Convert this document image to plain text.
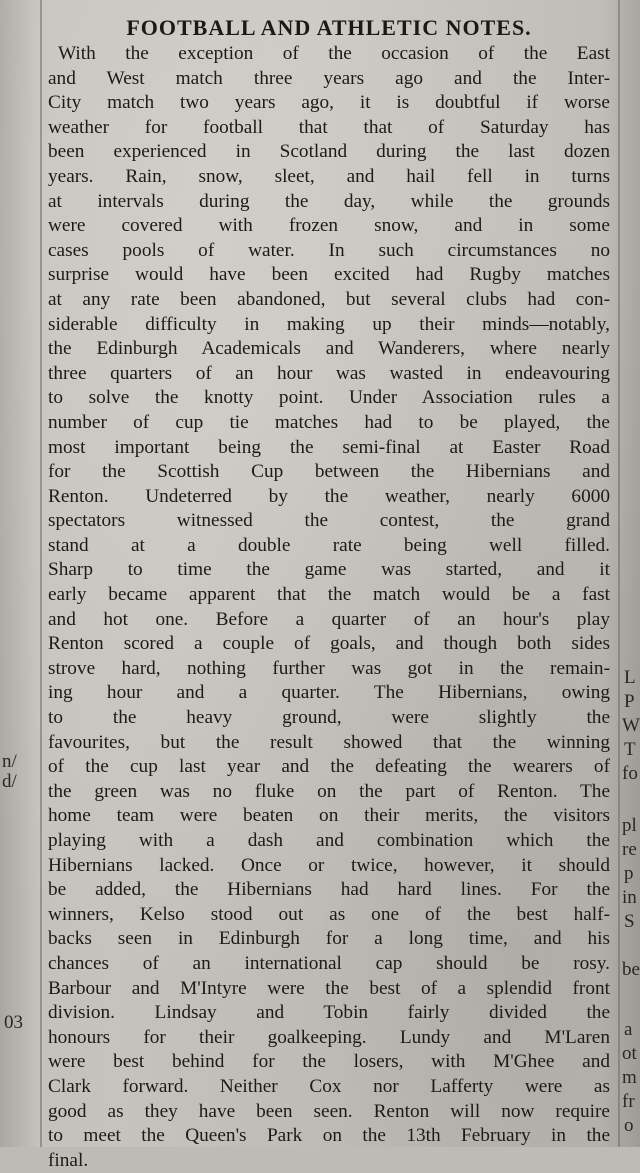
n/
d/
03
L
P
W
T
fo
pl
re
p
in
S
be
a
ot
m
fr
o
FOOTBALL AND ATHLETIC NOTES.

With the exception of the occasion of the East
and West match three years ago and the Inter-
City match two years ago, it is doubtful if worse
weather for football that that of Saturday has
been experienced in Scotland during the last dozen
years. Rain, snow, sleet, and hail fell in turns
at intervals during the day, while the grounds
were covered with frozen snow, and in some
cases pools of water. In such circumstances no
surprise would have been excited had Rugby matches
at any rate been abandoned, but several clubs had con-
siderable difficulty in making up their minds—notably,
the Edinburgh Academicals and Wanderers, where nearly
three quarters of an hour was wasted in endeavouring
to solve the knotty point. Under Association rules a
number of cup tie matches had to be played, the
most important being the semi-final at Easter Road
for the Scottish Cup between the Hibernians and
Renton. Undeterred by the weather, nearly 6000
spectators witnessed the contest, the grand
stand at a double rate being well filled.
Sharp to time the game was started, and it
early became apparent that the match would be a fast
and hot one. Before a quarter of an hour's play
Renton scored a couple of goals, and though both sides
strove hard, nothing further was got in the remain-
ing hour and a quarter. The Hibernians, owing
to the heavy ground, were slightly the
favourites, but the result showed that the winning
of the cup last year and the defeating the wearers of
the green was no fluke on the part of Renton. The
home team were beaten on their merits, the visitors
playing with a dash and combination which the
Hibernians lacked. Once or twice, however, it should
be added, the Hibernians had hard lines. For the
winners, Kelso stood out as one of the best half-
backs seen in Edinburgh for a long time, and his
chances of an international cap should be rosy.
Barbour and M'Intyre were the best of a splendid front
division. Lindsay and Tobin fairly divided the
honours for their goalkeeping. Lundy and M'Laren
were best behind for the losers, with M'Ghee and
Clark forward. Neither Cox nor Lafferty were as
good as they have been seen. Renton will now require
to meet the Queen's Park on the 13th February in the
final.
